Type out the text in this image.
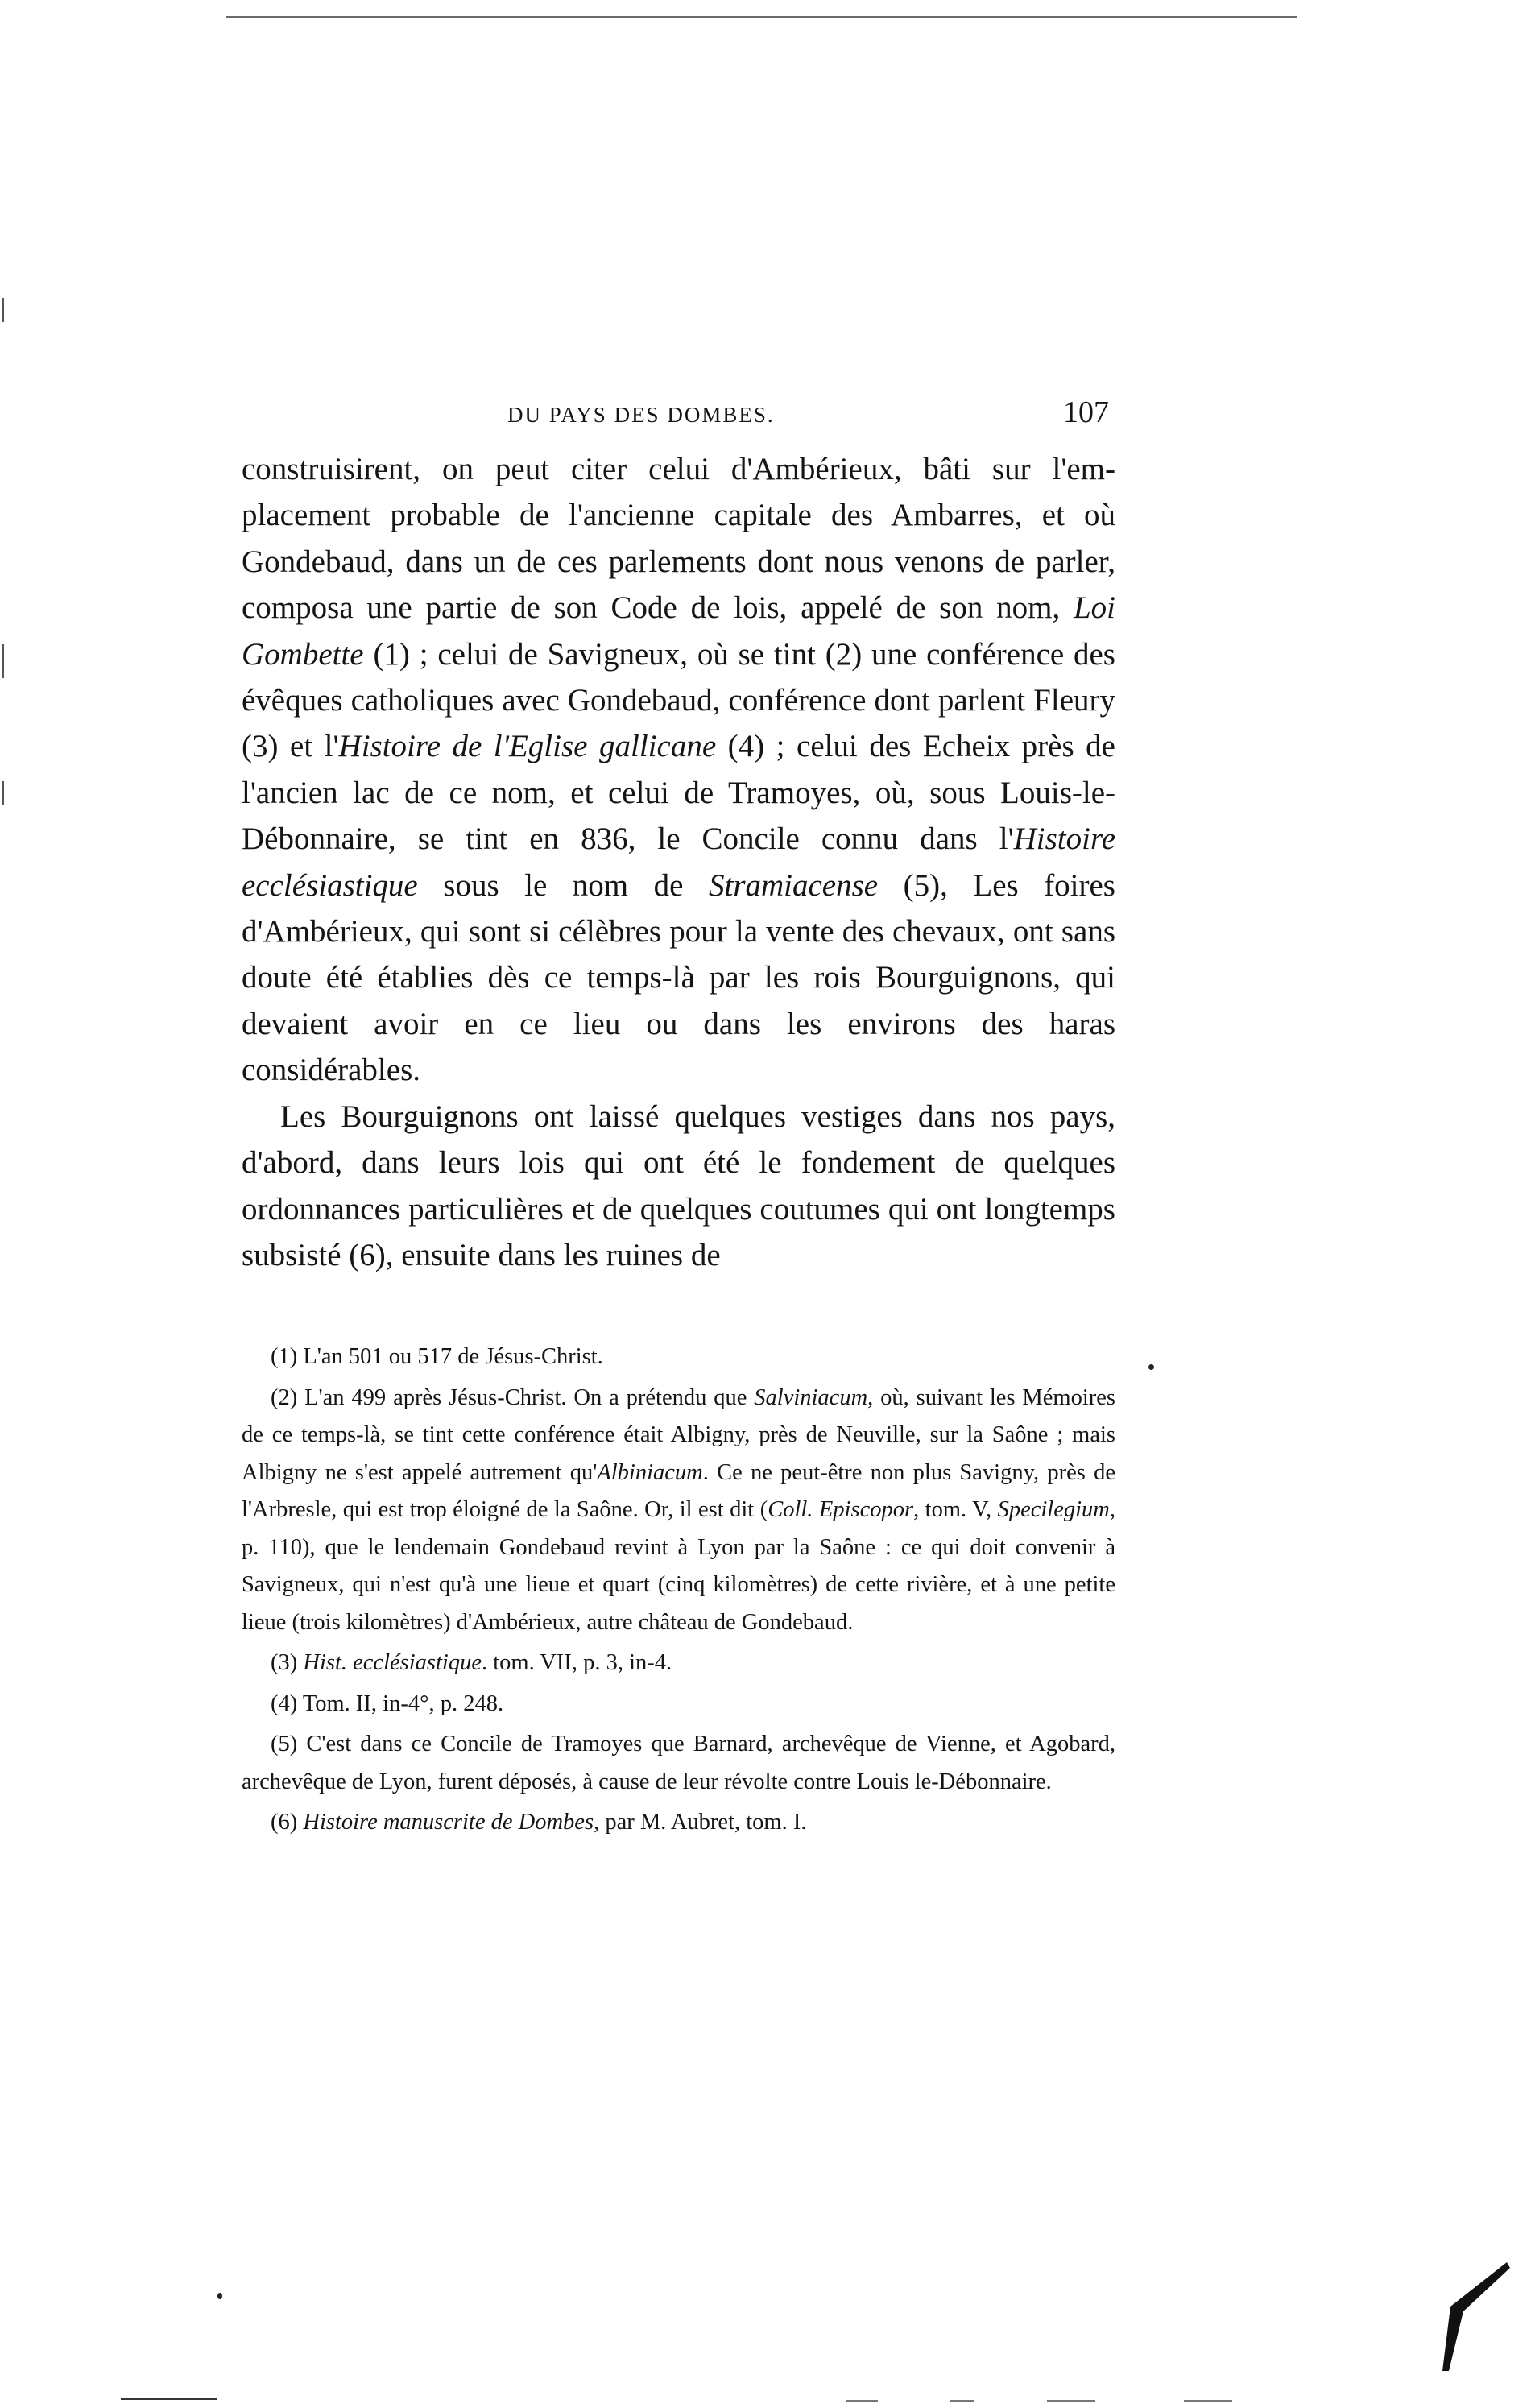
DU PAYS DES DOMBES.	107

construisirent, on peut citer celui d'Ambérieux, bâti sur l'emplacement probable de l'ancienne capitale des Ambarres, et où Gondebaud, dans un de ces parlements dont nous venons de parler, composa une partie de son Code de lois, appelé de son nom, Loi Gombette (1) ; celui de Savigneux, où se tint (2) une conférence des évêques catholiques avec Gondebaud, conférence dont parlent Fleury (3) et l'Histoire de l'Eglise gallicane (4) ; celui des Echeix près de l'ancien lac de ce nom, et celui de Tramoyes, où, sous Louis-le-Débonnaire, se tint en 836, le Concile connu dans l'Histoire ecclésiastique sous le nom de Stramiacense (5), Les foires d'Ambérieux, qui sont si célèbres pour la vente des chevaux, ont sans doute été établies dès ce temps-là par les rois Bourguignons, qui devaient avoir en ce lieu ou dans les environs des haras considérables.

Les Bourguignons ont laissé quelques vestiges dans nos pays, d'abord, dans leurs lois qui ont été le fondement de quelques ordonnances particulières et de quelques coutumes qui ont longtemps subsisté (6), ensuite dans les ruines de

(1) L'an 501 ou 517 de Jésus-Christ.

(2) L'an 499 après Jésus-Christ. On a prétendu que Salviniacum, où, suivant les Mémoires de ce temps-là, se tint cette conférence était Albigny, près de Neuville, sur la Saône ; mais Albigny ne s'est appelé autrement qu'Albiniacum. Ce ne peut-être non plus Savigny, près de l'Arbresle, qui est trop éloigné de la Saône. Or, il est dit (Coll. Episcopor, tom. V, Specilegium, p. 110), que le lendemain Gondebaud revint à Lyon par la Saône : ce qui doit convenir à Savigneux, qui n'est qu'à une lieue et quart (cinq kilomètres) de cette rivière, et à une petite lieue (trois kilomètres) d'Ambérieux, autre château de Gondebaud.

(3) Hist. ecclésiastique. tom. VII, p. 3, in-4.

(4) Tom. II, in-4°, p. 248.

(5) C'est dans ce Concile de Tramoyes que Barnard, archevêque de Vienne, et Agobard, archevêque de Lyon, furent déposés, à cause de leur révolte contre Louis le-Débonnaire.

(6) Histoire manuscrite de Dombes, par M. Aubret, tom. I.
